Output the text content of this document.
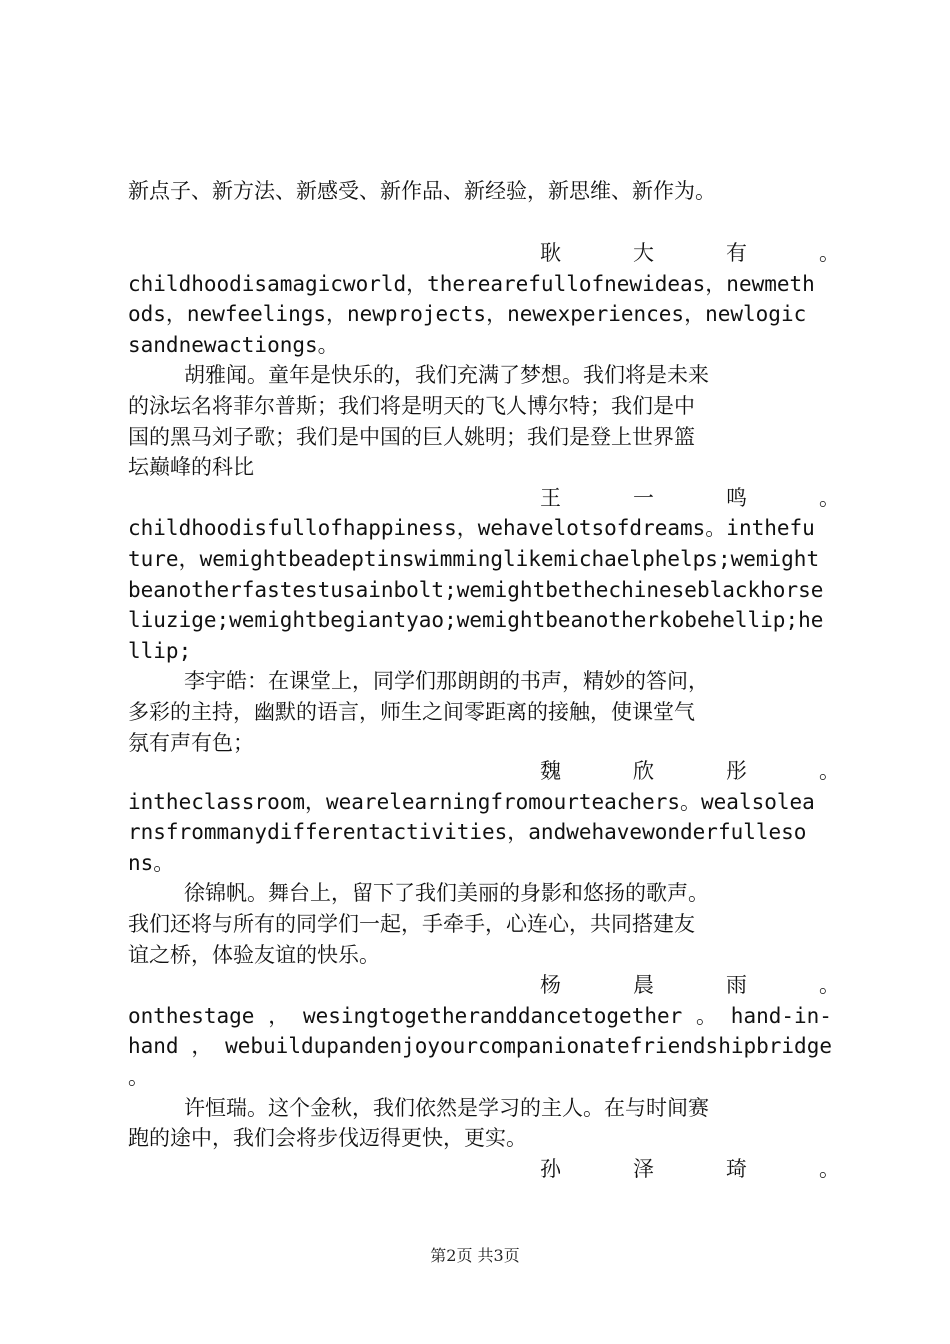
新点子、新方法、新感受、新作品、新经验，新思维、新作为。
耿	大	有	。
childhoodisamagicworld，therearefullofnewideas，newmeth
ods，newfeelings，newprojects，newexperiences，newlogic
sandnewactiongs。
胡雅闻。童年是快乐的，我们充满了梦想。我们将是未来
的泳坛名将菲尔普斯；我们将是明天的飞人博尔特；我们是中
国的黑马刘子歌；我们是中国的巨人姚明；我们是登上世界篮
坛巅峰的科比
王	一	鸣	。
childhoodisfullofhappiness，wehavelotsofdreams。inthefu
ture，wemightbeadeptinswimminglikemichaelphelps;wemight
beanotherfastestusainbolt;wemightbethechineseblackhorse
liuzige;wemightbegiantyao;wemightbeanotherkobehellip;he
llip;
李宇皓：在课堂上，同学们那朗朗的书声，精妙的答问，
多彩的主持，幽默的语言，师生之间零距离的接触，使课堂气
氛有声有色；
魏	欣	彤	。
intheclassroom，wearelearningfromourteachers。wealsolea
rnsfrommanydifferentactivities，andwehavewonderfulleso
ns。
徐锦帆。舞台上，留下了我们美丽的身影和悠扬的歌声。
我们还将与所有的同学们一起，手牵手，心连心，共同搭建友
谊之桥，体验友谊的快乐。
杨	晨	雨	。
onthestage ， wesingtogetheranddancetogether 。 hand-in-
hand ， webuildupandenjoyourcompanionatefriendshipbridge
。
许恒瑞。这个金秋，我们依然是学习的主人。在与时间赛
跑的途中，我们会将步伐迈得更快，更实。
孙	泽	琦	。
第2页 共3页
